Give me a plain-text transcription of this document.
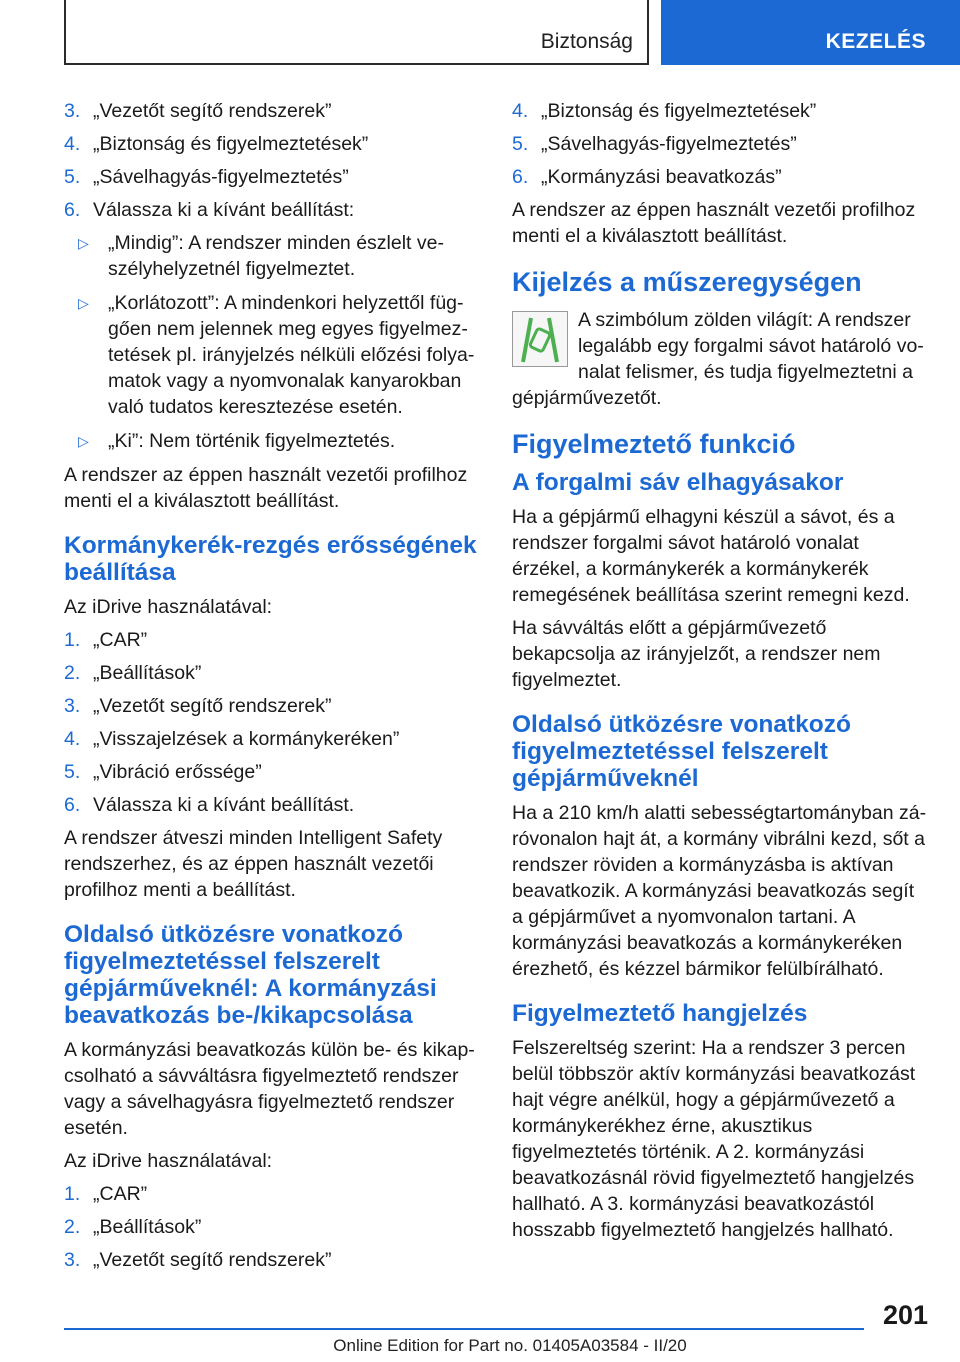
Biztonság	KEZELÉS
3. „Vezetőt segítő rendszerek”
4. „Biztonság és figyelmeztetések”
5. „Sávelhagyás-figyelmeztetés”
6. Válassza ki a kívánt beállítást:
▷ „Mindig”: A rendszer minden észlelt veszélyhelyzetnél figyelmeztet.
▷ „Korlátozott”: A mindenkori helyzettől függően nem jelennek meg egyes figyelmeztetések pl. irányjelzés nélküli előzési folyamatok vagy a nyomvonalak kanyarokban való tudatos keresztezése esetén.
▷ „Ki”: Nem történik figyelmeztetés.

A rendszer az éppen használt vezetői profilhoz menti el a kiválasztott beállítást.

Kormánykerék-rezgés erősségének beállítása

Az iDrive használatával:

1. „CAR”
2. „Beállítások”
3. „Vezetőt segítő rendszerek”
4. „Visszajelzések a kormánykeréken”
5. „Vibráció erőssége”
6. Válassza ki a kívánt beállítást.

A rendszer átveszi minden Intelligent Safety rendszerhez, és az éppen használt vezetői profilhoz menti a beállítást.

Oldalsó ütközésre vonatkozó figyelmeztetéssel felszerelt gépjárműveknél: A kormányzási beavatkozás be-/kikapcsolása

A kormányzási beavatkozás külön be- és kikapcsolható a sávváltásra figyelmeztető rendszer vagy a sávelhagyásra figyelmeztető rendszer esetén.

Az iDrive használatával:

1. „CAR”
2. „Beállítások”
3. „Vezetőt segítő rendszerek”
4. „Biztonság és figyelmeztetések”
5. „Sávelhagyás-figyelmeztetés”
6. „Kormányzási beavatkozás”

A rendszer az éppen használt vezetői profilhoz menti el a kiválasztott beállítást.

Kijelzés a műszeregységen

A szimbólum zölden világít: A rendszer legalább egy forgalmi sávot határoló vonalat felismer, és tudja figyelmeztetni a gépjárművezetőt.

Figyelmeztető funkció
A forgalmi sáv elhagyásakor

Ha a gépjármű elhagyni készül a sávot, és a rendszer forgalmi sávot határoló vonalat érzékel, a kormánykerék a kormánykerék remegésének beállítása szerint remegni kezd.

Ha sávváltás előtt a gépjárművezető bekapcsolja az irányjelzőt, a rendszer nem figyelmeztet.

Oldalsó ütközésre vonatkozó figyelmeztetéssel felszerelt gépjárműveknél

Ha a 210 km/h alatti sebességtartományban záróvonalon hajt át, a kormány vibrálni kezd, sőt a rendszer röviden a kormányzásba is aktívan beavatkozik. A kormányzási beavatkozás segít a gépjárművet a nyomvonalon tartani. A kormányzási beavatkozás a kormánykeréken érezhető, és kézzel bármikor felülbírálható.

Figyelmeztető hangjelzés

Felszereltség szerint: Ha a rendszer 3 percen belül többször aktív kormányzási beavatkozást hajt végre anélkül, hogy a gépjárművezető a kormánykerékhez érne, akusztikus figyelmeztetés történik. A 2. kormányzási beavatkozásnál rövid figyelmeztető hangjelzés hallható. A 3. kormányzási beavatkozástól hosszabb figyelmeztető hangjelzés hallható.

201
Online Edition for Part no. 01405A03584 - II/20
